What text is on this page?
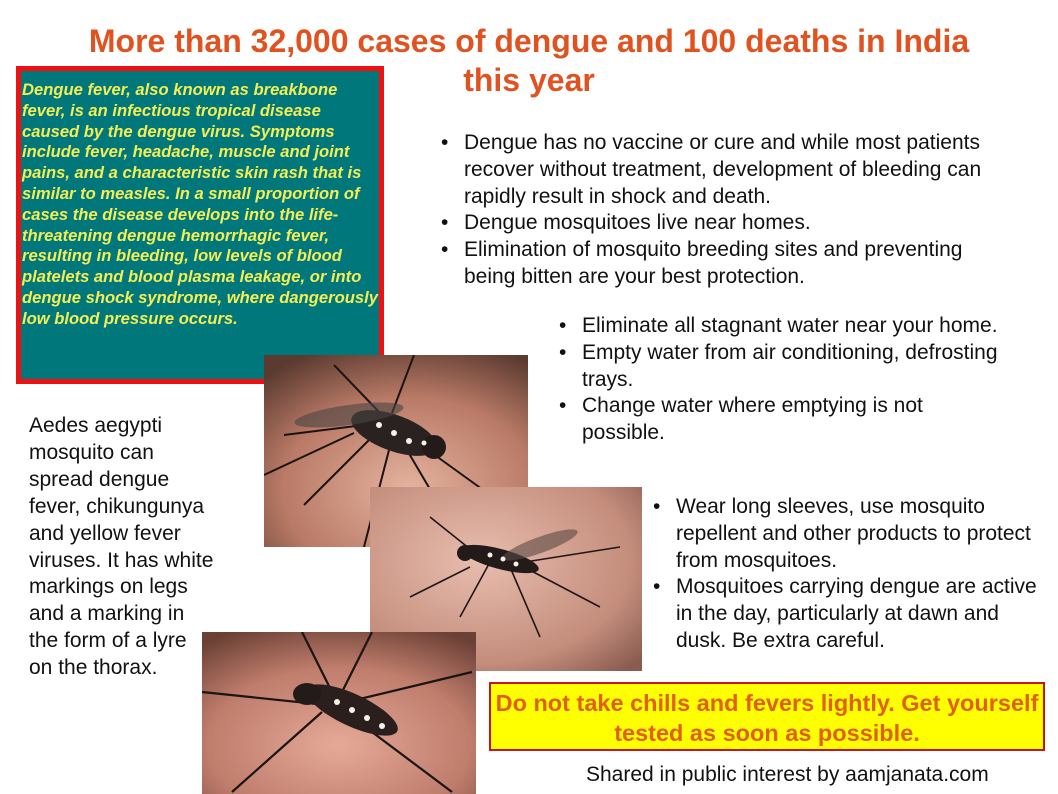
More than 32,000 cases of dengue and 100 deaths in India this year
Dengue fever, also known as breakbone fever, is an infectious tropical disease caused by the dengue virus. Symptoms include fever, headache, muscle and joint pains, and a characteristic skin rash that is similar to measles. In a small proportion of cases the disease develops into the life-threatening dengue hemorrhagic fever, resulting in bleeding, low levels of blood platelets and blood plasma leakage, or into dengue shock syndrome, where dangerously low blood pressure occurs.
• Dengue has no vaccine or cure and while most patients recover without treatment, development of bleeding can rapidly result in shock and death.
• Dengue mosquitoes live near homes.
• Elimination of mosquito breeding sites and preventing being bitten are your best protection.
• Eliminate all stagnant water near your home.
• Empty water from air conditioning, defrosting trays.
• Change water where emptying is not possible.
Aedes aegypti mosquito can spread dengue fever, chikungunya and yellow fever viruses. It has white markings on legs and a marking in the form of a lyre on the thorax.
• Wear long sleeves, use mosquito repellent and other products to protect from mosquitoes.
• Mosquitoes carrying dengue are active in the day, particularly at dawn and dusk. Be extra careful.
Do not take chills and fevers lightly. Get yourself tested as soon as possible.
Shared in public interest by aamjanata.com
